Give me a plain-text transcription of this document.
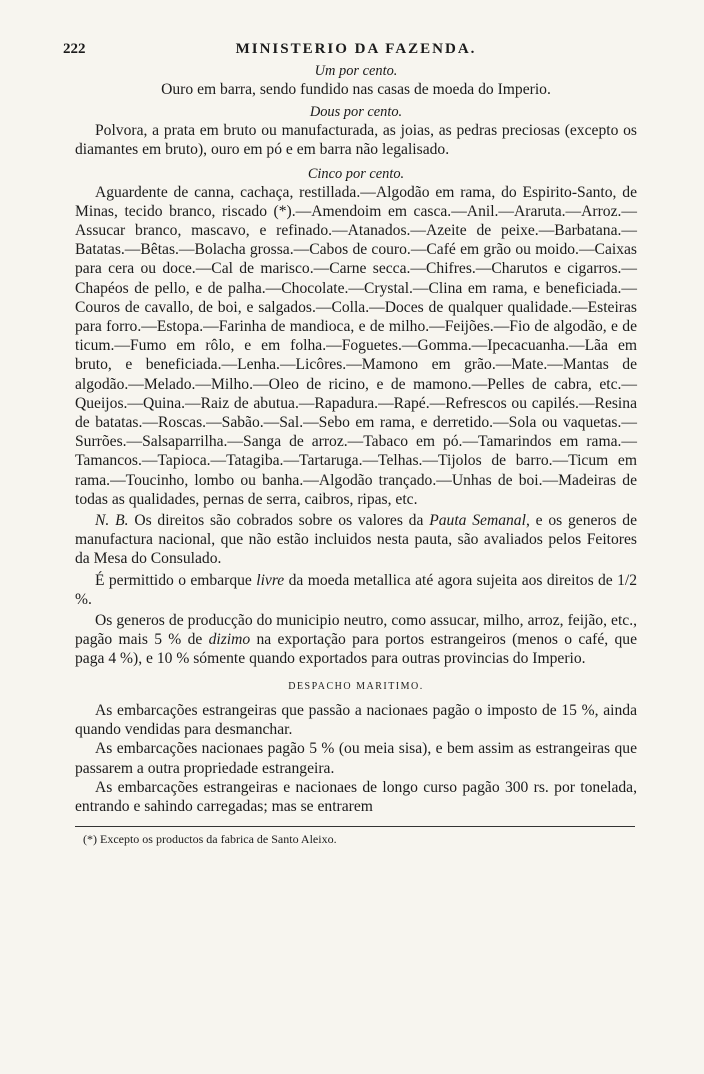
222	MINISTERIO DA FAZENDA.
Um por cento.

Ouro em barra, sendo fundido nas casas de moeda do Imperio.

Dous por cento.

Polvora, a prata em bruto ou manufacturada, as joias, as pedras preciosas (excepto os diamantes em bruto), ouro em pó e em barra não legalisado.

Cinco por cento.

Aguardente de canna, cachaça, restillada.—Algodão em rama, do Espirito-Santo, de Minas, tecido branco, riscado (*).—Amendoim em casca.—Anil.—Araruta.—Arroz.—Assucar branco, mascavo, e refinado.—Atanados.—Azeite de peixe.—Barbatana.—Batatas.—Bêtas.—Bolacha grossa.—Cabos de couro.—Café em grão ou moido.—Caixas para cera ou doce.—Cal de marisco.—Carne secca.—Chifres.—Charutos e cigarros.—Chapéos de pello, e de palha.—Chocolate.—Crystal.—Clina em rama, e beneficiada.—Couros de cavallo, de boi, e salgados.—Colla.—Doces de qualquer qualidade.—Esteiras para forro.—Estopa.—Farinha de mandioca, e de milho.—Feijões.—Fio de algodão, e de ticum.—Fumo em rôlo, e em folha.—Foguetes.—Gomma.—Ipecacuanha.—Lãa em bruto, e beneficiada.—Lenha.—Licôres.—Mamono em grão.—Mate.—Mantas de algodão.—Melado.—Milho.—Oleo de ricino, e de mamono.—Pelles de cabra, etc.—Queijos.—Quina.—Raiz de abutua.—Rapadura.—Rapé.—Refrescos ou capilés.—Resina de batatas.—Roscas.—Sabão.—Sal.—Sebo em rama, e derretido.—Sola ou vaquetas.—Surrões.—Salsaparrilha.—Sanga de arroz.—Tabaco em pó.—Tamarindos em rama.—Tamancos.—Tapioca.—Tatagiba.—Tartaruga.—Telhas.—Tijolos de barro.—Ticum em rama.—Toucinho, lombo ou banha.—Algodão trançado.—Unhas de boi.—Madeiras de todas as qualidades, pernas de serra, caibros, ripas, etc.

N. B. Os direitos são cobrados sobre os valores da Pauta Semanal, e os generos de manufactura nacional, que não estão incluidos nesta pauta, são avaliados pelos Feitores da Mesa do Consulado.

É permittido o embarque livre da moeda metallica até agora sujeita aos direitos de 1/2 %.

Os generos de producção do municipio neutro, como assucar, milho, arroz, feijão, etc., pagão mais 5 % de dizimo na exportação para portos estrangeiros (menos o café, que paga 4 %), e 10 % sómente quando exportados para outras provincias do Imperio.

DESPACHO MARITIMO.

As embarcações estrangeiras que passão a nacionaes pagão o imposto de 15 %, ainda quando vendidas para desmanchar.

As embarcações nacionaes pagão 5 % (ou meia sisa), e bem assim as estrangeiras que passarem a outra propriedade estrangeira.

As embarcações estrangeiras e nacionaes de longo curso pagão 300 rs. por tonelada, entrando e sahindo carregadas; mas se entrarem

(*) Excepto os productos da fabrica de Santo Aleixo.
